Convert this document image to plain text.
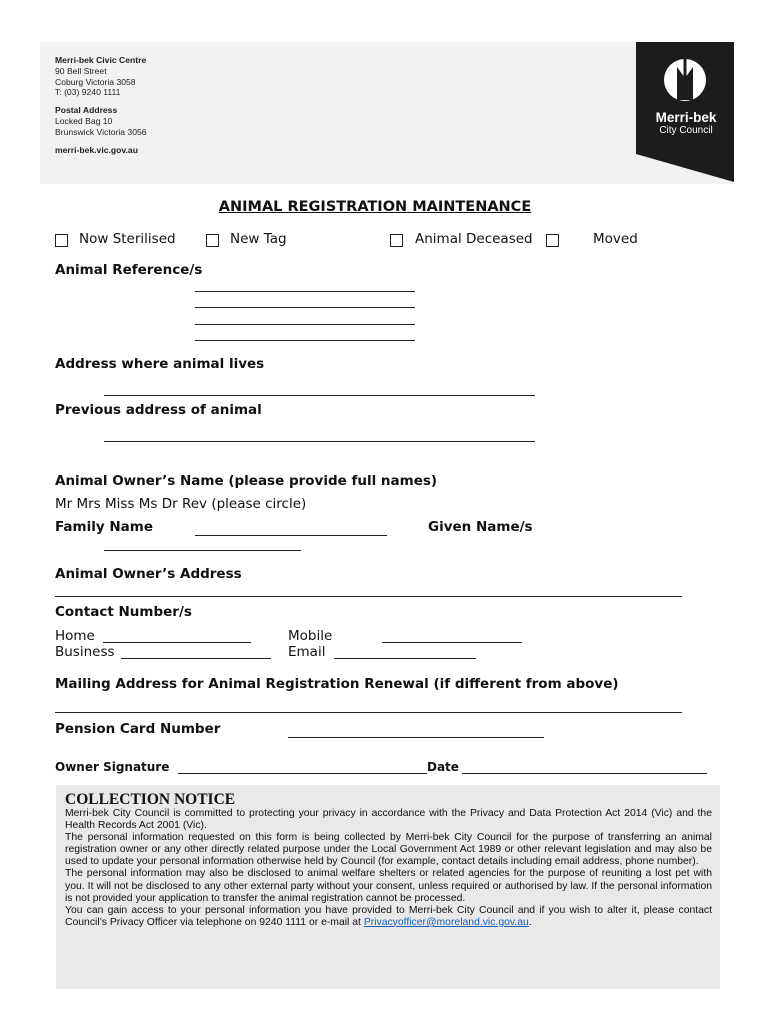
Merri-bek Civic Centre
90 Bell Street
Coburg Victoria 3058
T: (03) 9240 1111
Postal Address
Locked Bag 10
Brunswick Victoria 3056
merri-bek.vic.gov.au
Merri-bek
City Council
ANIMAL REGISTRATION MAINTENANCE
Now Sterilised	New Tag	Animal Deceased	Moved
Animal Reference/s
Address where animal lives
Previous address of animal
Animal Owner’s Name (please provide full names)
Mr Mrs Miss Ms Dr Rev (please circle)
Family Name	Given Name/s
Animal Owner’s Address
Contact Number/s
Home	Mobile
Business	Email
Mailing Address for Animal Registration Renewal (if different from above)
Pension Card Number
Owner Signature	Date
COLLECTION NOTICE

Merri-bek City Council is committed to protecting your privacy in accordance with the Privacy and Data Protection Act 2014 (Vic) and the Health Records Act 2001 (Vic).

The personal information requested on this form is being collected by Merri-bek City Council for the purpose of transferring an animal registration owner or any other directly related purpose under the Local Government Act 1989 or other relevant legislation and may also be used to update your personal information otherwise held by Council (for example, contact details including email address, phone number).

The personal information may also be disclosed to animal welfare shelters or related agencies for the purpose of reuniting a lost pet with you. It will not be disclosed to any other external party without your consent, unless required or authorised by law. If the personal information is not provided your application to transfer the animal registration cannot be processed.

You can gain access to your personal information you have provided to Merri-bek City Council and if you wish to alter it, please contact Council’s Privacy Officer via telephone on 9240 1111 or e-mail at Privacyofficer@moreland.vic.gov.au.
